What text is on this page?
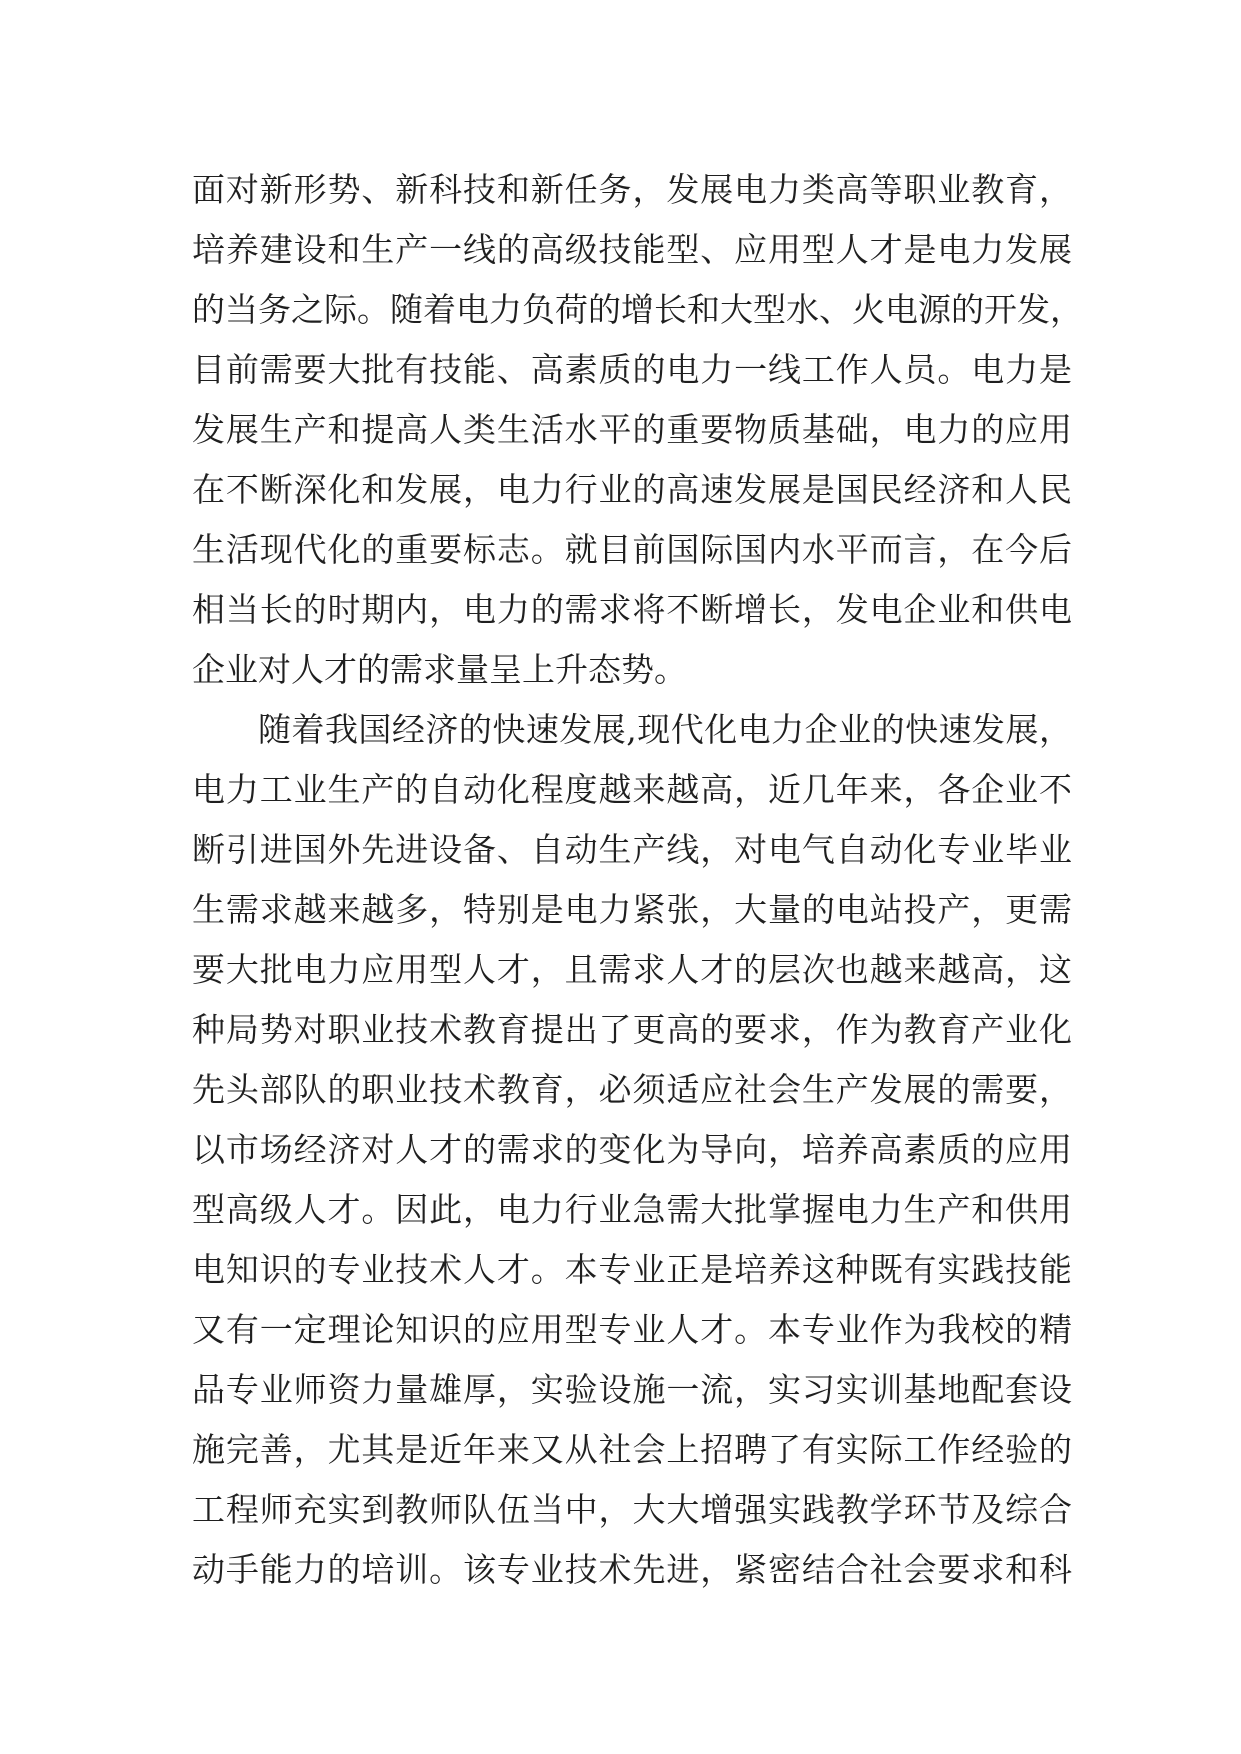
面对新形势、新科技和新任务，发展电力类高等职业教育，
培养建设和生产一线的高级技能型、应用型人才是电力发展
的当务之际。随着电力负荷的增长和大型水、火电源的开发，
目前需要大批有技能、高素质的电力一线工作人员。电力是
发展生产和提高人类生活水平的重要物质基础，电力的应用
在不断深化和发展，电力行业的高速发展是国民经济和人民
生活现代化的重要标志。就目前国际国内水平而言，在今后
相当长的时期内，电力的需求将不断增长，发电企业和供电
企业对人才的需求量呈上升态势。
随着我国经济的快速发展,现代化电力企业的快速发展，
电力工业生产的自动化程度越来越高，近几年来，各企业不
断引进国外先进设备、自动生产线，对电气自动化专业毕业
生需求越来越多，特别是电力紧张，大量的电站投产，更需
要大批电力应用型人才，且需求人才的层次也越来越高，这
种局势对职业技术教育提出了更高的要求，作为教育产业化
先头部队的职业技术教育，必须适应社会生产发展的需要，
以市场经济对人才的需求的变化为导向，培养高素质的应用
型高级人才。因此，电力行业急需大批掌握电力生产和供用
电知识的专业技术人才。本专业正是培养这种既有实践技能
又有一定理论知识的应用型专业人才。本专业作为我校的精
品专业师资力量雄厚，实验设施一流，实习实训基地配套设
施完善，尤其是近年来又从社会上招聘了有实际工作经验的
工程师充实到教师队伍当中，大大增强实践教学环节及综合
动手能力的培训。该专业技术先进，紧密结合社会要求和科
